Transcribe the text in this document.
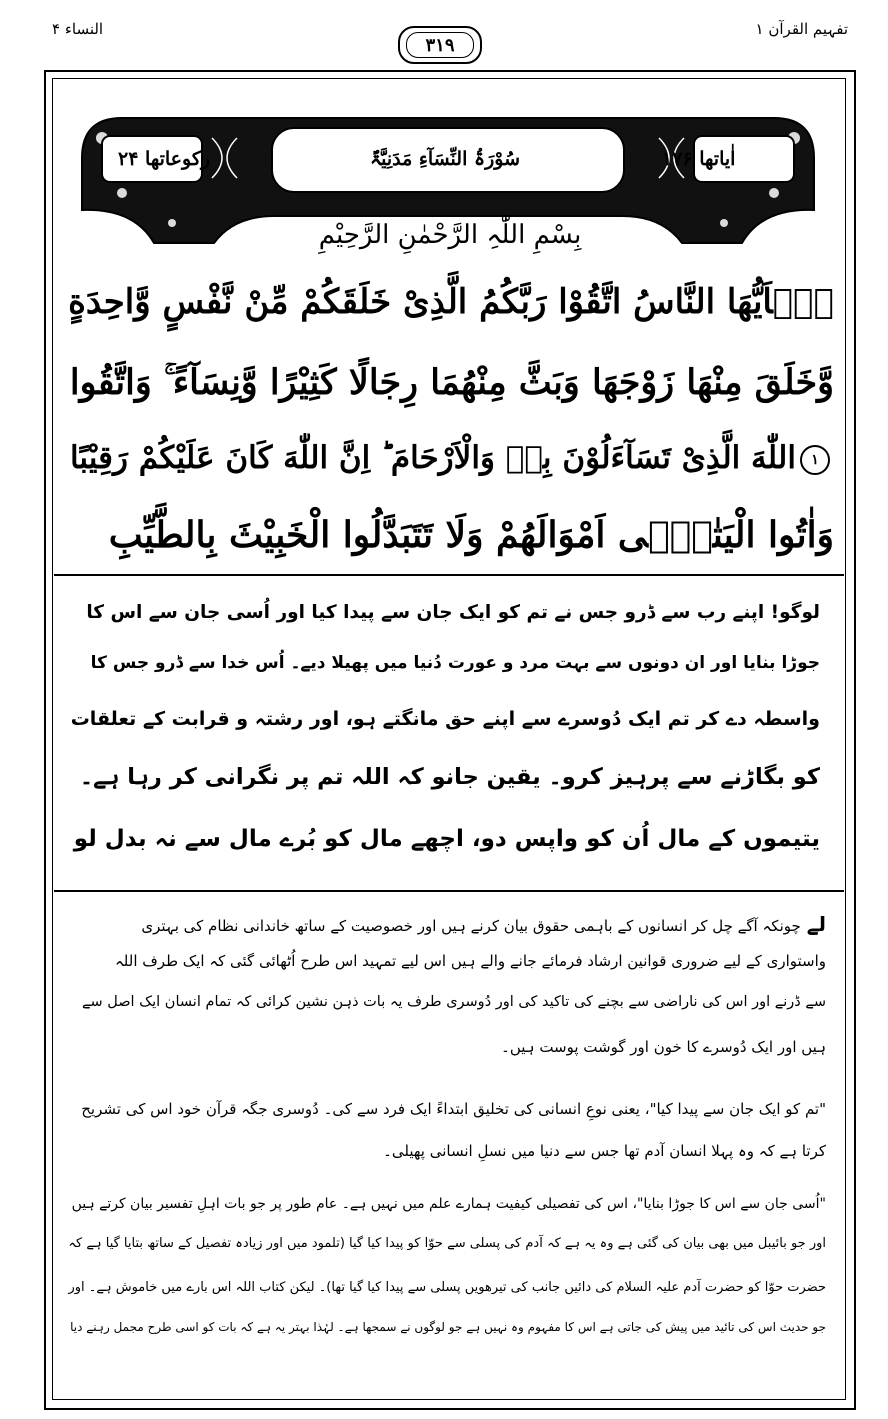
تفہیم القرآن ۱
النساء ۴
۳۱۹
اٰیاتھا ۱۷۶
سُوْرَۃُ النِّسَآءِ مَدَنِیَّۃٌ
رکوعاتھا ۲۴
بِسْمِ اللّٰہِ الرَّحْمٰنِ الرَّحِیْمِ
یٰۤاَیُّهَا النَّاسُ اتَّقُوْا رَبَّكُمُ الَّذِیْ خَلَقَكُمْ مِّنْ نَّفْسٍ وَّاحِدَةٍ
وَّخَلَقَ مِنْهَا زَوْجَهَا وَبَثَّ مِنْهُمَا رِجَالًا كَثِیْرًا وَّنِسَآءً ۚ وَاتَّقُوا
۱اللّٰهَ الَّذِیْ تَسَآءَلُوْنَ بِهٖ وَالْاَرْحَامَ ؕ اِنَّ اللّٰهَ كَانَ عَلَیْكُمْ رَقِیْبًا
وَاٰتُوا الْیَتٰمٰۤى اَمْوَالَهُمْ وَلَا تَتَبَدَّلُوا الْخَبِیْثَ بِالطَّیِّبِ
لوگو! اپنے رب سے ڈرو جس نے تم کو ایک جان سے پیدا کیا اور اُسی جان سے اس کا
جوڑا بنایا اور ان دونوں سے بہت مرد و عورت دُنیا میں پھیلا دیے۔ اُس خدا سے ڈرو جس کا
واسطہ دے کر تم ایک دُوسرے سے اپنے حق مانگتے ہو، اور رشتہ و قرابت کے تعلقات
کو بگاڑنے سے پرہیز کرو۔ یقین جانو کہ اللہ تم پر نگرانی کر رہا ہے۔
یتیموں کے مال اُن کو واپس دو، اچھے مال کو بُرے مال سے نہ بدل لو
لےچونکہ آگے چل کر انسانوں کے باہمی حقوق بیان کرنے ہیں اور خصوصیت کے ساتھ خاندانی نظام کی بہتری
واستواری کے لیے ضروری قوانین ارشاد فرمائے جانے والے ہیں اس لیے تمہید اس طرح اُٹھائی گئی کہ ایک طرف اللہ
سے ڈرنے اور اس کی ناراضی سے بچنے کی تاکید کی اور دُوسری طرف یہ بات ذہن نشین کرائی کہ تمام انسان ایک اصل سے
ہیں اور ایک دُوسرے کا خون اور گوشت پوست ہیں۔
"تم کو ایک جان سے پیدا کیا"، یعنی نوعِ انسانی کی تخلیق ابتداءً ایک فرد سے کی۔ دُوسری جگہ قرآن خود اس کی تشریح
کرتا ہے کہ وہ پہلا انسان آدم تھا جس سے دنیا میں نسلِ انسانی پھیلی۔
"اُسی جان سے اس کا جوڑا بنایا"، اس کی تفصیلی کیفیت ہمارے علم میں نہیں ہے۔ عام طور پر جو بات اہلِ تفسیر بیان کرتے ہیں
اور جو بائیبل میں بھی بیان کی گئی ہے وہ یہ ہے کہ آدم کی پسلی سے حوّا کو پیدا کیا گیا (تلمود میں اور زیادہ تفصیل کے ساتھ بتایا گیا ہے کہ
حضرت حوّا کو حضرت آدم علیہ السلام کی دائیں جانب کی تیرھویں پسلی سے پیدا کیا گیا تھا)۔ لیکن کتاب اللہ اس بارے میں خاموش ہے۔ اور
جو حدیث اس کی تائید میں پیش کی جاتی ہے اس کا مفہوم وہ نہیں ہے جو لوگوں نے سمجھا ہے۔ لہٰذا بہتر یہ ہے کہ بات کو اسی طرح مجمل رہنے دیا
